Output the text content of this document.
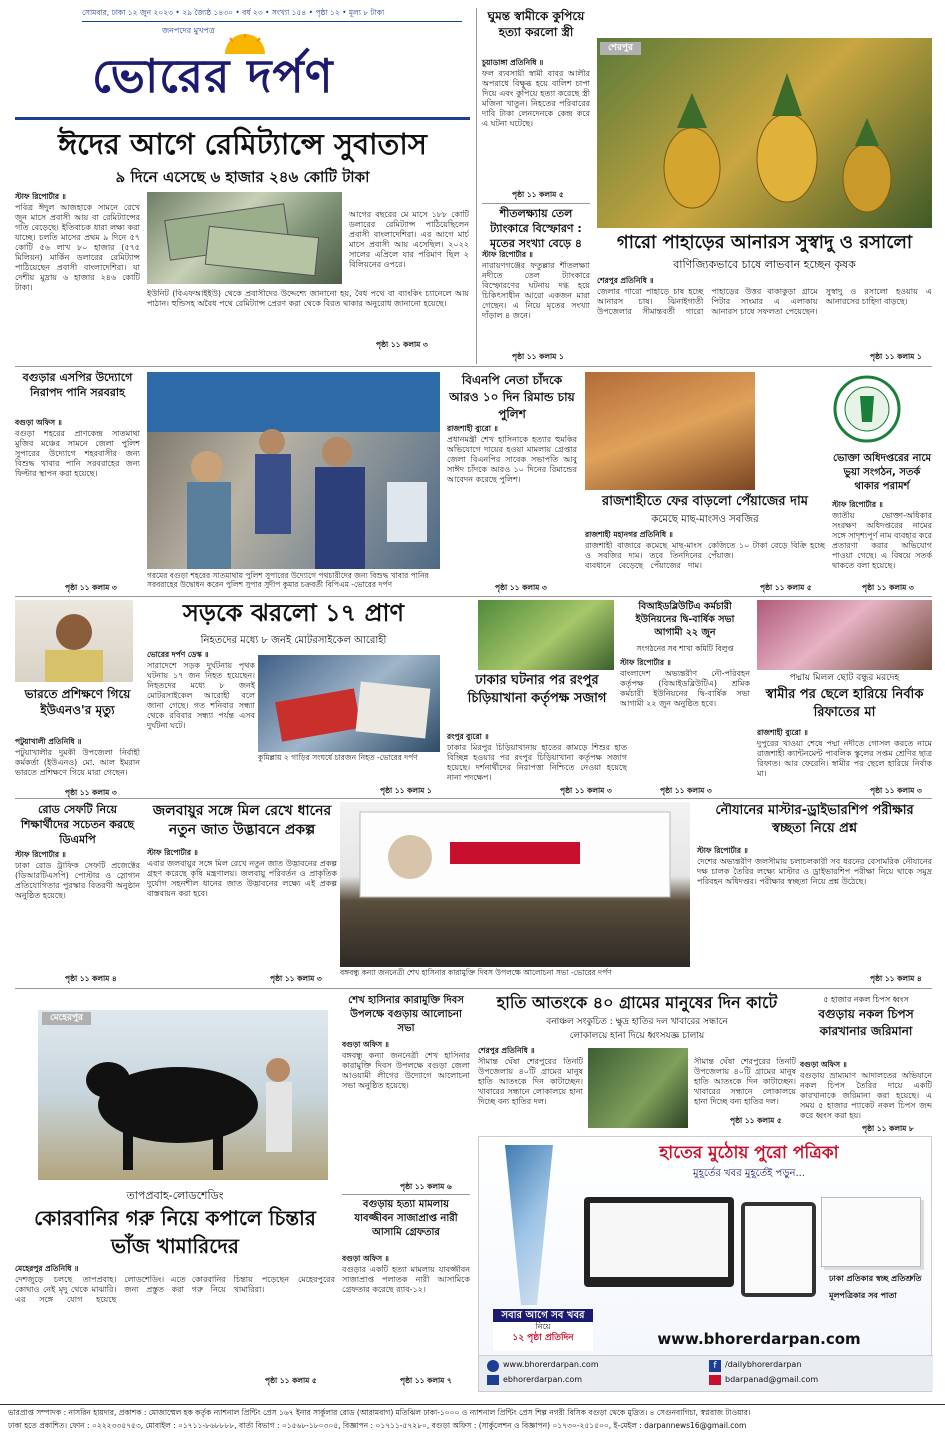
সোমবার, ঢাকা ১২ জুন ২০২৩ • ২৯ জ্যৈষ্ঠ ১৪৩০ • বর্ষ ২৩ • সংখ্যা ১৫৪ • পৃষ্ঠা ১২ • মূল্য ৮ টাকা
জনপদের মুখপত্র
ভোরের দর্পণ
ঈদের আগে রেমিট্যান্সে সুবাতাস
৯ দিনে এসেছে ৬ হাজার ২৪৬ কোটি টাকা
স্টাফ রিপোর্টার ॥
পবিত্র ঈদুল আজহাকে সামনে রেখে জুন মাসে প্রবাসী আয় বা রেমিট্যান্সের গতি বেড়েছে। ইতিবাচক ধারা লক্ষ্য করা যাচ্ছে। চলতি মাসের প্রথম ৯ দিনে ৫৭ কোটি ৫৬ লাখ ৮০ হাজার (৫৭৫ মিলিয়ন) মার্কিন ডলারের রেমিট্যান্স পাঠিয়েছেন প্রবাসী বাংলাদেশিরা। যা দেশীয় মুদ্রায় ৬ হাজার ২৪৬ কোটি টাকা।
আগের বছরের মে মাসে ১৮৮ কোটি ডলারের রেমিট্যান্স পাঠিয়েছিলেন প্রবাসী বাংলাদেশিরা। এর আগে মার্চ মাসে প্রবাসী আয় এসেছিল। ২০২২ সালের এপ্রিলে যার পরিমাণ ছিল ২ বিলিয়নের ওপরে।
ইউনিট (বিএফআইইউ) থেকে প্রবাসীদের উদ্দেশ্যে জানানো হয়, বৈধ পথে বা ব্যাংকিং চ্যানেলে আয় পাঠান। হুন্ডিসহ অবৈধ পথে রেমিট্যান্স প্রেরণ করা থেকে বিরত থাকার অনুরোধ জানানো হয়েছে।
পৃষ্ঠা ১১ কলাম ৩
ঘুমন্ত স্বামীকে কুপিয়ে হত্যা করলো স্ত্রী
চুয়াডাঙ্গা প্রতিনিধি ॥
ফল ব্যবসায়ী স্বামী বাবর আলীর অপরাধে বিক্ষুব্ধ হয়ে বালিশ চাপা দিয়ে এবং কুপিয়ে হত্যা করেছে স্ত্রী মজিনা খাতুন। নিহতের পরিবারের দাবি টাকা লেনদেনকে কেন্দ্র করে এ ঘটনা ঘটেছে।
পৃষ্ঠা ১১ কলাম ৫
শীতলক্ষ্যায় তেল ট্যাংকারে বিস্ফোরণ : মৃতের সংখ্যা বেড়ে ৪
স্টাফ রিপোর্টার ॥
নারায়ণগঞ্জের ফতুল্লার শীতলক্ষ্যা নদীতে তেল ট্যাংকারে বিস্ফোরণের ঘটনায় দগ্ধ হয়ে চিকিৎসাধীন আরো একজন মারা গেছেন। এ নিয়ে মৃতের সংখ্যা দাঁড়াল ৪ জনে।
পৃষ্ঠা ১১ কলাম ১
শেরপুর
গারো পাহাড়ের আনারস সুস্বাদু ও রসালো
বাণিজ্যিকভাবে চাষে লাভবান হচ্ছেন কৃষক
শেরপুর প্রতিনিধি ॥
জেলার গারো পাহাড়ে চাষ হচ্ছে আনারস চাষ। ঝিনাইগাতী উপজেলার সীমান্তবর্তী গারো পাহাড়ের উত্তর বাকাকুড়া গ্রামে পিটার সাংমার এ এলাকায় আনারস চাষে সফলতা পেয়েছেন। সুস্বাদু ও রসালো হওয়ায় এ আনারসের চাহিদা বাড়ছে।
পৃষ্ঠা ১১ কলাম ১
বগুড়ার এসপির উদ্যোগে নিরাপদ পানি সরবরাহ
বগুড়া অফিস ॥
বগুড়া শহরের প্রাণকেন্দ্র সাতমাথা মুজিব মঞ্চের সামনে জেলা পুলিশ সুপারের উদ্যোগে শহরবাসীর জন্য বিশুদ্ধ খাবার পানি সরবরাহের জন্য ফিল্টার স্থাপন করা হয়েছে।
পৃষ্ঠা ১১ কলাম ৩
গরমের বগুড়া শহরের সাতমাথায় পুলিশ সুপারের উদ্যোগে পথচারীদের জন্য বিশুদ্ধ খাবার পানির সরবরাহের উদ্বোধন করেন পুলিশ সুপার সুদীপ কুমার চক্রবর্তী বিপিএম -ভোরের দর্পণ
বিএনপি নেতা চাঁদকে আরও ১০ দিন রিমান্ড চায় পুলিশ
রাজশাহী ব্যুরো ॥
প্রধানমন্ত্রী শেখ হাসিনাকে হত্যার হুমকির অভিযোগে দায়ের হওয়া মামলায় গ্রেপ্তার জেলা বিএনপির সাবেক সভাপতি আবু সাঈদ চাঁদকে আরও ১০ দিনের রিমান্ডের আবেদন করেছে পুলিশ।
পৃষ্ঠা ১১ কলাম ৩
রাজশাহীতে ফের বাড়লো পেঁয়াজের দাম
কমেছে মাছ-মাংসও সবজির
রাজশাহী মহানগর প্রতিনিধি ॥
রাজশাহী বাজারে কমেছে মাছ-মাংস ও সবজির দাম। তবে তিনদিনের ব্যবধানে বেড়েছে পেঁয়াজের দাম। কেজিতে ১০ টাকা বেড়ে বিক্রি হচ্ছে পেঁয়াজ।
পৃষ্ঠা ১১ কলাম ৫
ভোক্তা অধিদপ্তরের নামে ভুয়া সংগঠন, সতর্ক থাকার পরামর্শ
স্টাফ রিপোর্টার ॥
জাতীয় ভোক্তা-অধিকার সংরক্ষণ অধিদপ্তরের নামের সঙ্গে সাদৃশ্যপূর্ণ নাম ব্যবহার করে প্রতারণা করার অভিযোগ পাওয়া গেছে। এ বিষয়ে সতর্ক থাকতে বলা হয়েছে।
পৃষ্ঠা ১১ কলাম ৩
ভারতে প্রশিক্ষণে গিয়ে ইউএনও'র মৃত্যু
পটুয়াখালী প্রতিনিধি ॥
পটুয়াখালীর দুমকী উপজেলা নির্বাহী কর্মকর্তা (ইউএনও) মো. আল ইমরান ভারতে প্রশিক্ষণে গিয়ে মারা গেছেন।
পৃষ্ঠা ১১ কলাম ৩
সড়কে ঝরলো ১৭ প্রাণ
নিহতদের মধ্যে ৮ জনই মোটরসাইকেল আরোহী
ভোরের দর্পণ ডেস্ক ॥
সারাদেশে সড়ক দুর্ঘটনায় পৃথক ঘটনায় ১৭ জন নিহত হয়েছেন। নিহতদের মধ্যে ৮ জনই মোটরসাইকেল আরোহী বলে জানা গেছে। গত শনিবার সন্ধ্যা থেকে রবিবার সন্ধ্যা পর্যন্ত এসব দুর্ঘটনা ঘটে।
কুমিল্লায় ২ গাড়ির সংঘর্ষে চারজন নিহত -ভোরের দর্পণ
পৃষ্ঠা ১১ কলাম ১
ঢাকার ঘটনার পর রংপুর চিড়িয়াখানা কর্তৃপক্ষ সজাগ
রংপুর ব্যুরো ॥
ঢাকার মিরপুর চিড়িয়াখানায় হাতের কামড়ে শিশুর হাত বিচ্ছিন্ন হওয়ার পর রংপুর চিড়িয়াখানা কর্তৃপক্ষ সজাগ হয়েছে। দর্শনার্থীদের নিরাপত্তা নিশ্চিতে নেওয়া হয়েছে নানা পদক্ষেপ।
পৃষ্ঠা ১১ কলাম ৩
বিআইডব্লিউটিএ কর্মচারী ইউনিয়নের দ্বি-বার্ষিক সভা আগামী ২২ জুন
সংগঠনের সব শাখা কমিটি বিলুপ্ত
স্টাফ রিপোর্টার ॥
বাংলাদেশ অভ্যন্তরীণ নৌ-পরিবহন কর্তৃপক্ষ (বিআইডব্লিউটিএ) শ্রমিক কর্মচারী ইউনিয়নের দ্বি-বার্ষিক সভা আগামী ২২ জুন অনুষ্ঠিত হবে।
পৃষ্ঠা ১১ কলাম ৩
পদ্মায় মিলল ছোট বন্ধুর মরদেহ
স্বামীর পর ছেলে হারিয়ে নির্বাক রিফাতের মা
রাজশাহী ব্যুরো ॥
দুপুরের খাওয়া শেষে পদ্মা নদীতে গোসল করতে নামে রাজশাহী ক্যান্টনমেন্ট পাবলিক স্কুলের সপ্তম শ্রেণির ছাত্র রিফাত। আর ফেরেনি। স্বামীর পর ছেলে হারিয়ে নির্বাক মা।
পৃষ্ঠা ১১ কলাম ৩
রোড সেফটি নিয়ে শিক্ষার্থীদের সচেতন করছে ডিএমপি
স্টাফ রিপোর্টার ॥
ঢাকা রোড ট্রাফিক সেফটি প্রজেক্টের (ডিআরটিএসপি) পোস্টার ও স্লোগান প্রতিযোগিতার পুরস্কার বিতরণী অনুষ্ঠান অনুষ্ঠিত হয়েছে।
পৃষ্ঠা ১১ কলাম ৪
জলবায়ুর সঙ্গে মিল রেখে ধানের নতুন জাত উদ্ভাবনে প্রকল্প
স্টাফ রিপোর্টার ॥
এবার জলবায়ুর সঙ্গে মিল রেখে নতুন জাত উদ্ভাবনের প্রকল্প গ্রহণ করেছে কৃষি মন্ত্রণালয়। জলবায়ু পরিবর্তন ও প্রাকৃতিক দুর্যোগ সহনশীল ধানের জাত উদ্ভাবনের লক্ষ্যে এই প্রকল্প বাস্তবায়ন করা হবে।
পৃষ্ঠা ১১ কলাম ৩
বঙ্গবন্ধু কন্যা জননেত্রী শেখ হাসিনার কারামুক্তি দিবস উপলক্ষে আলোচনা সভা -ভোরের দর্পণ
নৌযানের মাস্টার-ড্রাইভারশিপ পরীক্ষার স্বচ্ছতা নিয়ে প্রশ্ন
স্টাফ রিপোর্টার ॥
দেশের অভ্যন্তরীণ জলসীমায় চলাচলকারী সব ধরনের বেসামরিক নৌযানের দক্ষ চালক তৈরির লক্ষ্যে মাস্টার ও ড্রাইভারশিপ পরীক্ষা নিয়ে থাকে সমুদ্র পরিবহন অধিদপ্তর। পরীক্ষার স্বচ্ছতা নিয়ে প্রশ্ন উঠেছে।
পৃষ্ঠা ১১ কলাম ৪
মেহেরপুর
তাপপ্রবাহ-লোডশেডিং
কোরবানির গরু নিয়ে কপালে চিন্তার ভাঁজ খামারিদের
মেহেরপুর প্রতিনিধি ॥
দেশজুড়ে চলছে তাপপ্রবাহ। কোথাও নেই মৃদু থেকে মাঝারি। এর সঙ্গে যোগ হয়েছে লোডশেডিং। এতে কোরবানির জন্য প্রস্তুত করা গরু নিয়ে চিন্তায় পড়েছেন মেহেরপুরের খামারিরা।
পৃষ্ঠা ১১ কলাম ৫
শেখ হাসিনার কারামুক্তি দিবস উপলক্ষে বগুড়ায় আলোচনা সভা
বগুড়া অফিস ॥
বঙ্গবন্ধু কন্যা জননেত্রী শেখ হাসিনার কারামুক্তি দিবস উপলক্ষে বগুড়া জেলা আওয়ামী লীগের উদ্যোগে আলোচনা সভা অনুষ্ঠিত হয়েছে।
পৃষ্ঠা ১১ কলাম ৬
বগুড়ায় হত্যা মামলায় যাবজ্জীবন সাজাপ্রাপ্ত নারী আসামি গ্রেফতার
বগুড়া অফিস ॥
বগুড়ার একটি হত্যা মামলায় যাবজ্জীবন সাজাপ্রাপ্ত পলাতক নারী আসামিকে গ্রেফতার করেছে র‍্যাব-১২।
পৃষ্ঠা ১১ কলাম ৭
হাতি আতংকে ৪০ গ্রামের মানুষের দিন কাটে
বনাঞ্চল সংকুচিত : ক্ষুদ্র হাতির দল খাবারের সন্ধানে
লোকালয়ে হানা দিয়ে ধ্বংসযজ্ঞ চালায়
শেরপুর প্রতিনিধি ॥
সীমান্ত ঘেঁষা শেরপুরের তিনটি উপজেলায় ৪০টি গ্রামের মানুষ হাতি আতংকে দিন কাটাচ্ছেন। খাবারের সন্ধানে লোকালয়ে হানা দিচ্ছে বন্য হাতির দল।
সীমান্ত ঘেঁষা শেরপুরের তিনটি উপজেলায় ৪০টি গ্রামের মানুষ হাতি আতংকে দিন কাটাচ্ছেন। খাবারের সন্ধানে লোকালয়ে হানা দিচ্ছে বন্য হাতির দল।
পৃষ্ঠা ১১ কলাম ৫
৫ হাজার নকল চিপস ধ্বংস
বগুড়ায় নকল চিপস কারখানার জরিমানা
বগুড়া অফিস ॥
বগুড়ায় ভ্রাম্যমাণ আদালতের অভিযানে নকল চিপস তৈরির দায়ে একটি কারখানাকে জরিমানা করা হয়েছে। এ সময় ৫ হাজার প্যাকেট নকল চিপস জব্দ করে ধ্বংস করা হয়।
পৃষ্ঠা ১১ কলাম ৮
হাতের মুঠোয় পুরো পত্রিকা
মুহূর্তের খবর মুহূর্তেই পড়ুন...
ঢাকা প্রতিকার স্বচ্ছ প্রতিশ্রুতি
মূলপত্রিকার সব পাতা
সবার আগে সব খবর
নিয়ে
১২ পৃষ্ঠা প্রতিদিন	www.bhorerdarpan.com
www.bhorerdarpan.com
ebhorerdarpan.com
f	/dailybhorerdarpan
bdarpanad@gmail.com
ভারপ্রাপ্ত সম্পাদক : নাসরিন হায়দার, প্রকাশক : মোজাম্মেল হক কর্তৃক ন্যাশনাল প্রিন্টিং প্রেস ১৬৭ ইনার সার্কুলার রোড (আরামবাগ) মতিঝিল ঢাকা-১০০০ ও ন্যাশনাল প্রিন্টিং প্রেস শিল্প নগরী বিসিক বগুড়া থেকে মুদ্রিত। ৪ সেগুনবাগিচা, স্বপ্নরাজ টাওয়ার।
ঢাকা হতে প্রকাশিত। ফোন : ০২২২৩৩৫৭৫৩, মোবাইল : ০১৭১১-৮৬৮৮৮৮, বার্তা বিভাগ : ০১৫৬৮-১৮০৩০৫, বিজ্ঞাপন : ০১৭১১-৫৭২৮০, বগুড়া অফিস : (সার্কুলেশন ও বিজ্ঞাপন) ০১৭৩০-২৫১৫০০, ই-মেইল : darpannews16@gmail.com
